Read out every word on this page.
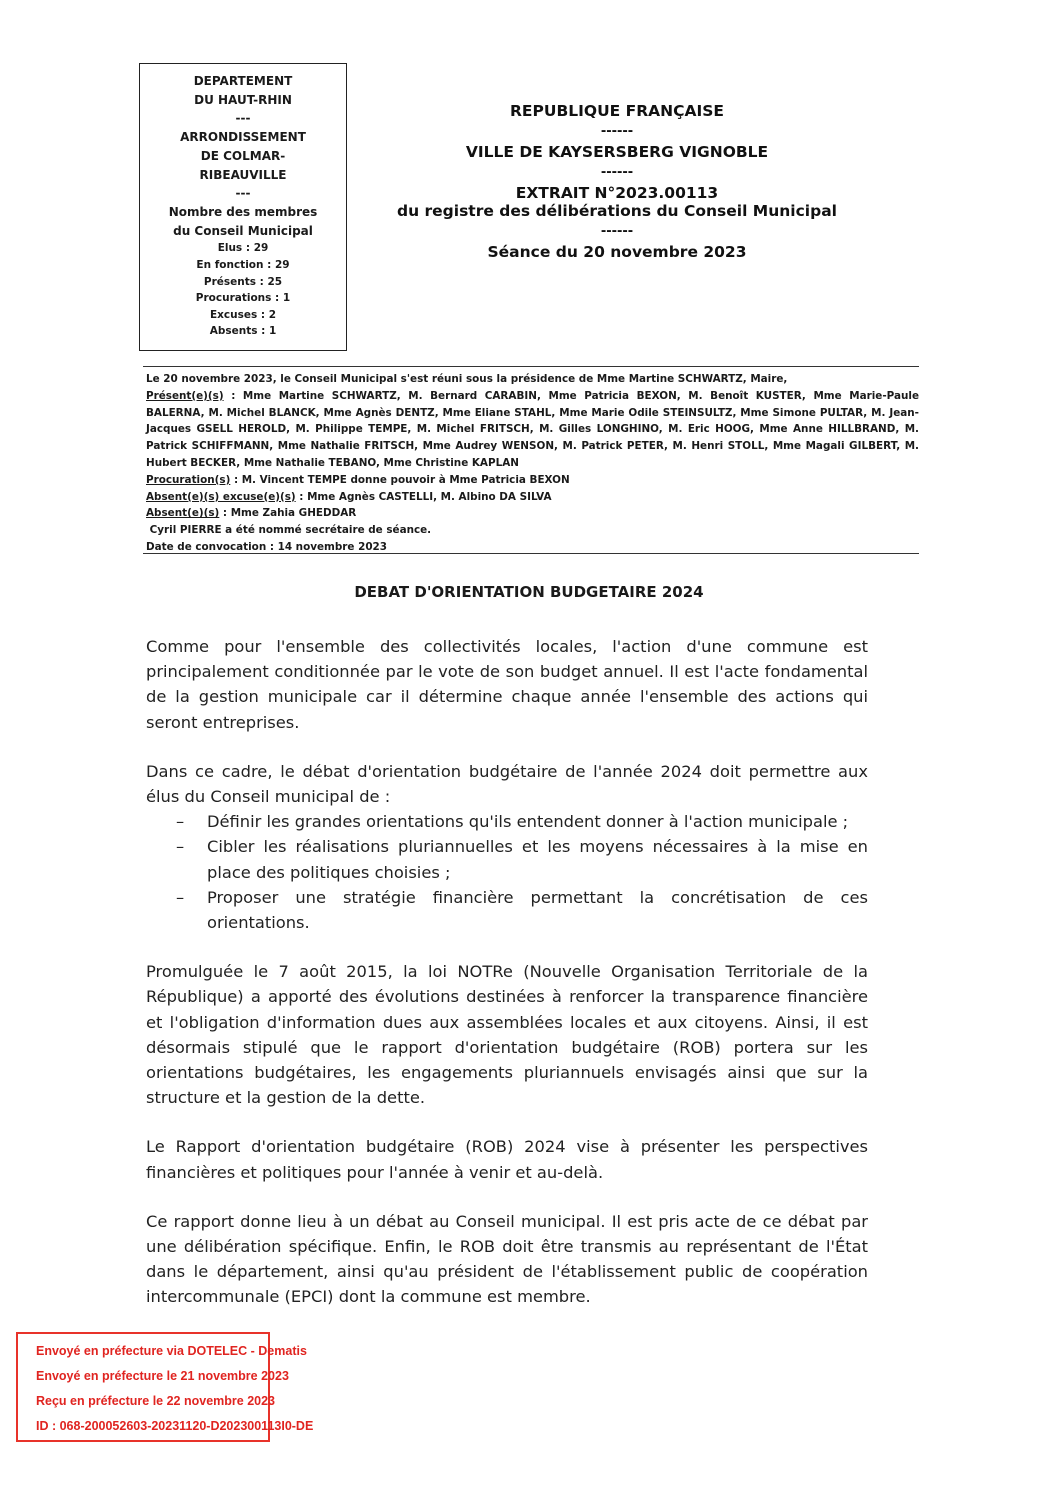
DEPARTEMENT
DU HAUT-RHIN
---
ARRONDISSEMENT
DE COLMAR-
RIBEAUVILLE
---
Nombre des membres
du Conseil Municipal
Elus : 29
En fonction : 29
Présents : 25
Procurations : 1
Excuses : 2
Absents : 1
REPUBLIQUE FRANÇAISE
------
VILLE DE KAYSERSBERG VIGNOBLE
------
EXTRAIT N°2023.00113
du registre des délibérations du Conseil Municipal
------
Séance du 20 novembre 2023
Le 20 novembre 2023, le Conseil Municipal s'est réuni sous la présidence de Mme Martine SCHWARTZ, Maire,
Présent(e)(s) : Mme Martine SCHWARTZ, M. Bernard CARABIN, Mme Patricia BEXON, M. Benoît KUSTER, Mme Marie-Paule BALERNA, M. Michel BLANCK, Mme Agnès DENTZ, Mme Eliane STAHL, Mme Marie Odile STEINSULTZ, Mme Simone PULTAR, M. Jean-Jacques GSELL HEROLD, M. Philippe TEMPE, M. Michel FRITSCH, M. Gilles LONGHINO, M. Eric HOOG, Mme Anne HILLBRAND, M. Patrick SCHIFFMANN, Mme Nathalie FRITSCH, Mme Audrey WENSON, M. Patrick PETER, M. Henri STOLL, Mme Magali GILBERT, M. Hubert BECKER, Mme Nathalie TEBANO, Mme Christine KAPLAN
Procuration(s) : M. Vincent TEMPE donne pouvoir à Mme Patricia BEXON
Absent(e)(s) excuse(e)(s) : Mme Agnès CASTELLI, M. Albino DA SILVA
Absent(e)(s) : Mme Zahia GHEDDAR
Cyril PIERRE a été nommé secrétaire de séance.
Date de convocation : 14 novembre 2023
DEBAT D'ORIENTATION BUDGETAIRE 2024

Comme pour l'ensemble des collectivités locales, l'action d'une commune est principalement conditionnée par le vote de son budget annuel. Il est l'acte fondamental de la gestion municipale car il détermine chaque année l'ensemble des actions qui seront entreprises.

Dans ce cadre, le débat d'orientation budgétaire de l'année 2024 doit permettre aux élus du Conseil municipal de :

– Définir les grandes orientations qu'ils entendent donner à l'action municipale ;
– Cibler les réalisations pluriannuelles et les moyens nécessaires à la mise en place des politiques choisies ;
– Proposer une stratégie financière permettant la concrétisation de ces orientations.

Promulguée le 7 août 2015, la loi NOTRe (Nouvelle Organisation Territoriale de la République) a apporté des évolutions destinées à renforcer la transparence financière et l'obligation d'information dues aux assemblées locales et aux citoyens. Ainsi, il est désormais stipulé que le rapport d'orientation budgétaire (ROB) portera sur les orientations budgétaires, les engagements pluriannuels envisagés ainsi que sur la structure et la gestion de la dette.

Le Rapport d'orientation budgétaire (ROB) 2024 vise à présenter les perspectives financières et politiques pour l'année à venir et au-delà.

Ce rapport donne lieu à un débat au Conseil municipal. Il est pris acte de ce débat par une délibération spécifique. Enfin, le ROB doit être transmis au représentant de l'État dans le département, ainsi qu'au président de l'établissement public de coopération intercommunale (EPCI) dont la commune est membre.

Envoyé en préfecture via DOTELEC - Dematis
Envoyé en préfecture le 21 novembre 2023
Reçu en préfecture le 22 novembre 2023
ID : 068-200052603-20231120-D202300113I0-DE
